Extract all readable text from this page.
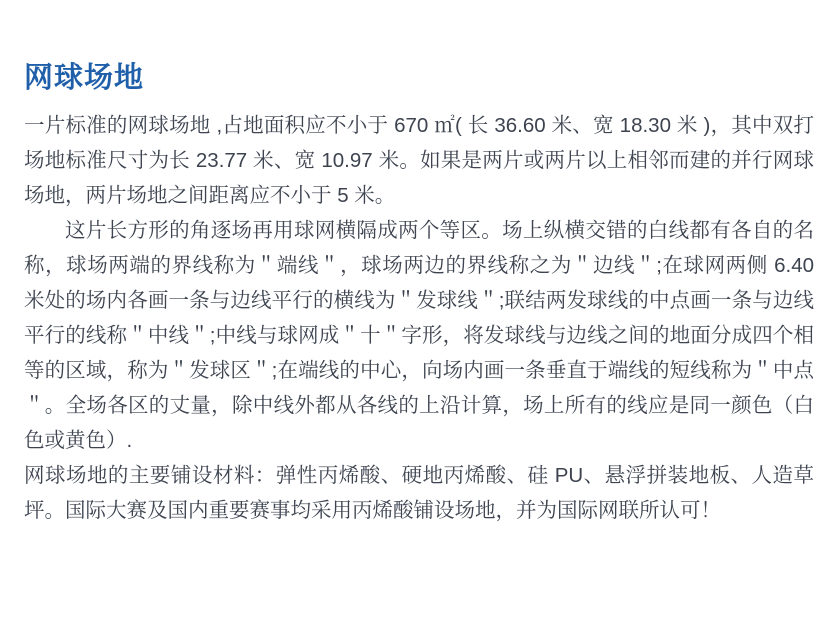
网球场地

一片标准的网球场地 ,占地面积应不小于 670 ㎡( 长 36.60 米、宽 18.30 米 )，其中双打场地标准尺寸为长 23.77 米、宽 10.97 米。如果是两片或两片以上相邻而建的并行网球场地，两片场地之间距离应不小于 5 米。

这片长方形的角逐场再用球网横隔成两个等区。场上纵横交错的白线都有各自的名称，球场两端的界线称为＂端线＂，球场两边的界线称之为＂边线＂;在球网两侧 6.40 米处的场内各画一条与边线平行的横线为＂发球线＂;联结两发球线的中点画一条与边线平行的线称＂中线＂;中线与球网成＂十＂字形，将发球线与边线之间的地面分成四个相等的区域，称为＂发球区＂;在端线的中心，向场内画一条垂直于端线的短线称为＂中点＂。全场各区的丈量，除中线外都从各线的上沿计算，场上所有的线应是同一颜色（白色或黄色）.

网球场地的主要铺设材料：弹性丙烯酸、硬地丙烯酸、硅 PU、悬浮拼装地板、人造草坪。国际大赛及国内重要赛事均采用丙烯酸铺设场地，并为国际网联所认可！
